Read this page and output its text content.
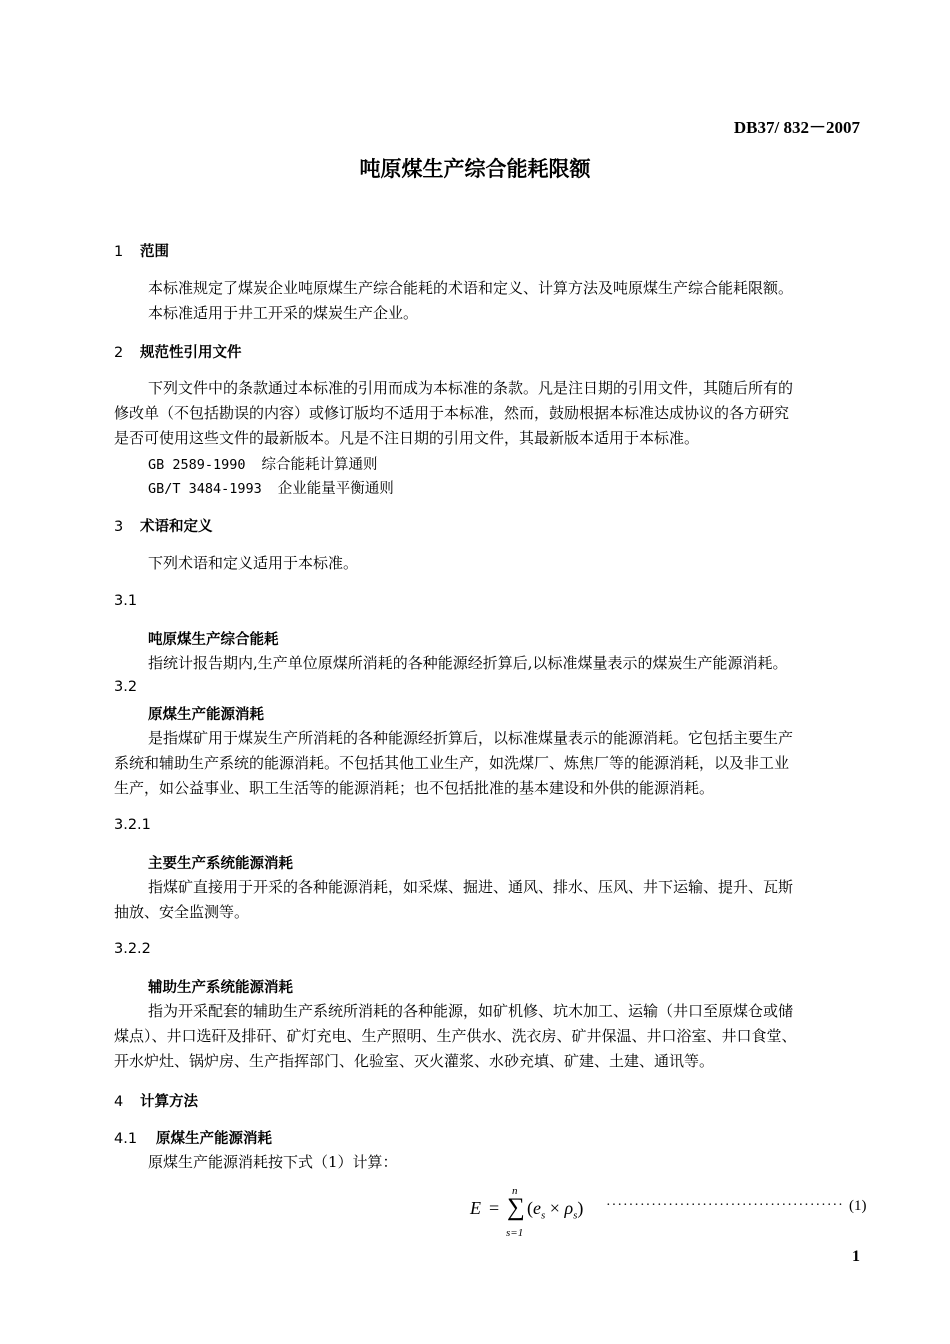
DB37/ 832－2007
吨原煤生产综合能耗限额
1 范围
本标准规定了煤炭企业吨原煤生产综合能耗的术语和定义、计算方法及吨原煤生产综合能耗限额。
本标准适用于井工开采的煤炭生产企业。
2 规范性引用文件
下列文件中的条款通过本标准的引用而成为本标准的条款。凡是注日期的引用文件，其随后所有的
修改单（不包括勘误的内容）或修订版均不适用于本标准，然而，鼓励根据本标准达成协议的各方研究
是否可使用这些文件的最新版本。凡是不注日期的引用文件，其最新版本适用于本标准。
GB 2589-1990 综合能耗计算通则
GB/T 3484-1993 企业能量平衡通则
3 术语和定义
下列术语和定义适用于本标准。
3.1
吨原煤生产综合能耗
指统计报告期内,生产单位原煤所消耗的各种能源经折算后,以标准煤量表示的煤炭生产能源消耗。
3.2
原煤生产能源消耗
是指煤矿用于煤炭生产所消耗的各种能源经折算后，以标准煤量表示的能源消耗。它包括主要生产
系统和辅助生产系统的能源消耗。不包括其他工业生产，如洗煤厂、炼焦厂等的能源消耗，以及非工业
生产，如公益事业、职工生活等的能源消耗；也不包括批准的基本建设和外供的能源消耗。
3.2.1
主要生产系统能源消耗
指煤矿直接用于开采的各种能源消耗，如采煤、掘进、通风、排水、压风、井下运输、提升、瓦斯
抽放、安全监测等。
3.2.2
辅助生产系统能源消耗
指为开采配套的辅助生产系统所消耗的各种能源，如矿机修、坑木加工、运输（井口至原煤仓或储
煤点）、井口选矸及排矸、矿灯充电、生产照明、生产供水、洗衣房、矿井保温、井口浴室、井口食堂、
开水炉灶、锅炉房、生产指挥部门、化验室、灭火灌浆、水砂充填、矿建、土建、通讯等。
4 计算方法
4.1 原煤生产能源消耗
原煤生产能源消耗按下式（1）计算：
E =
n
∑
s=1
$(e_s \times \rho_s)$ ·········································· (1)
1
